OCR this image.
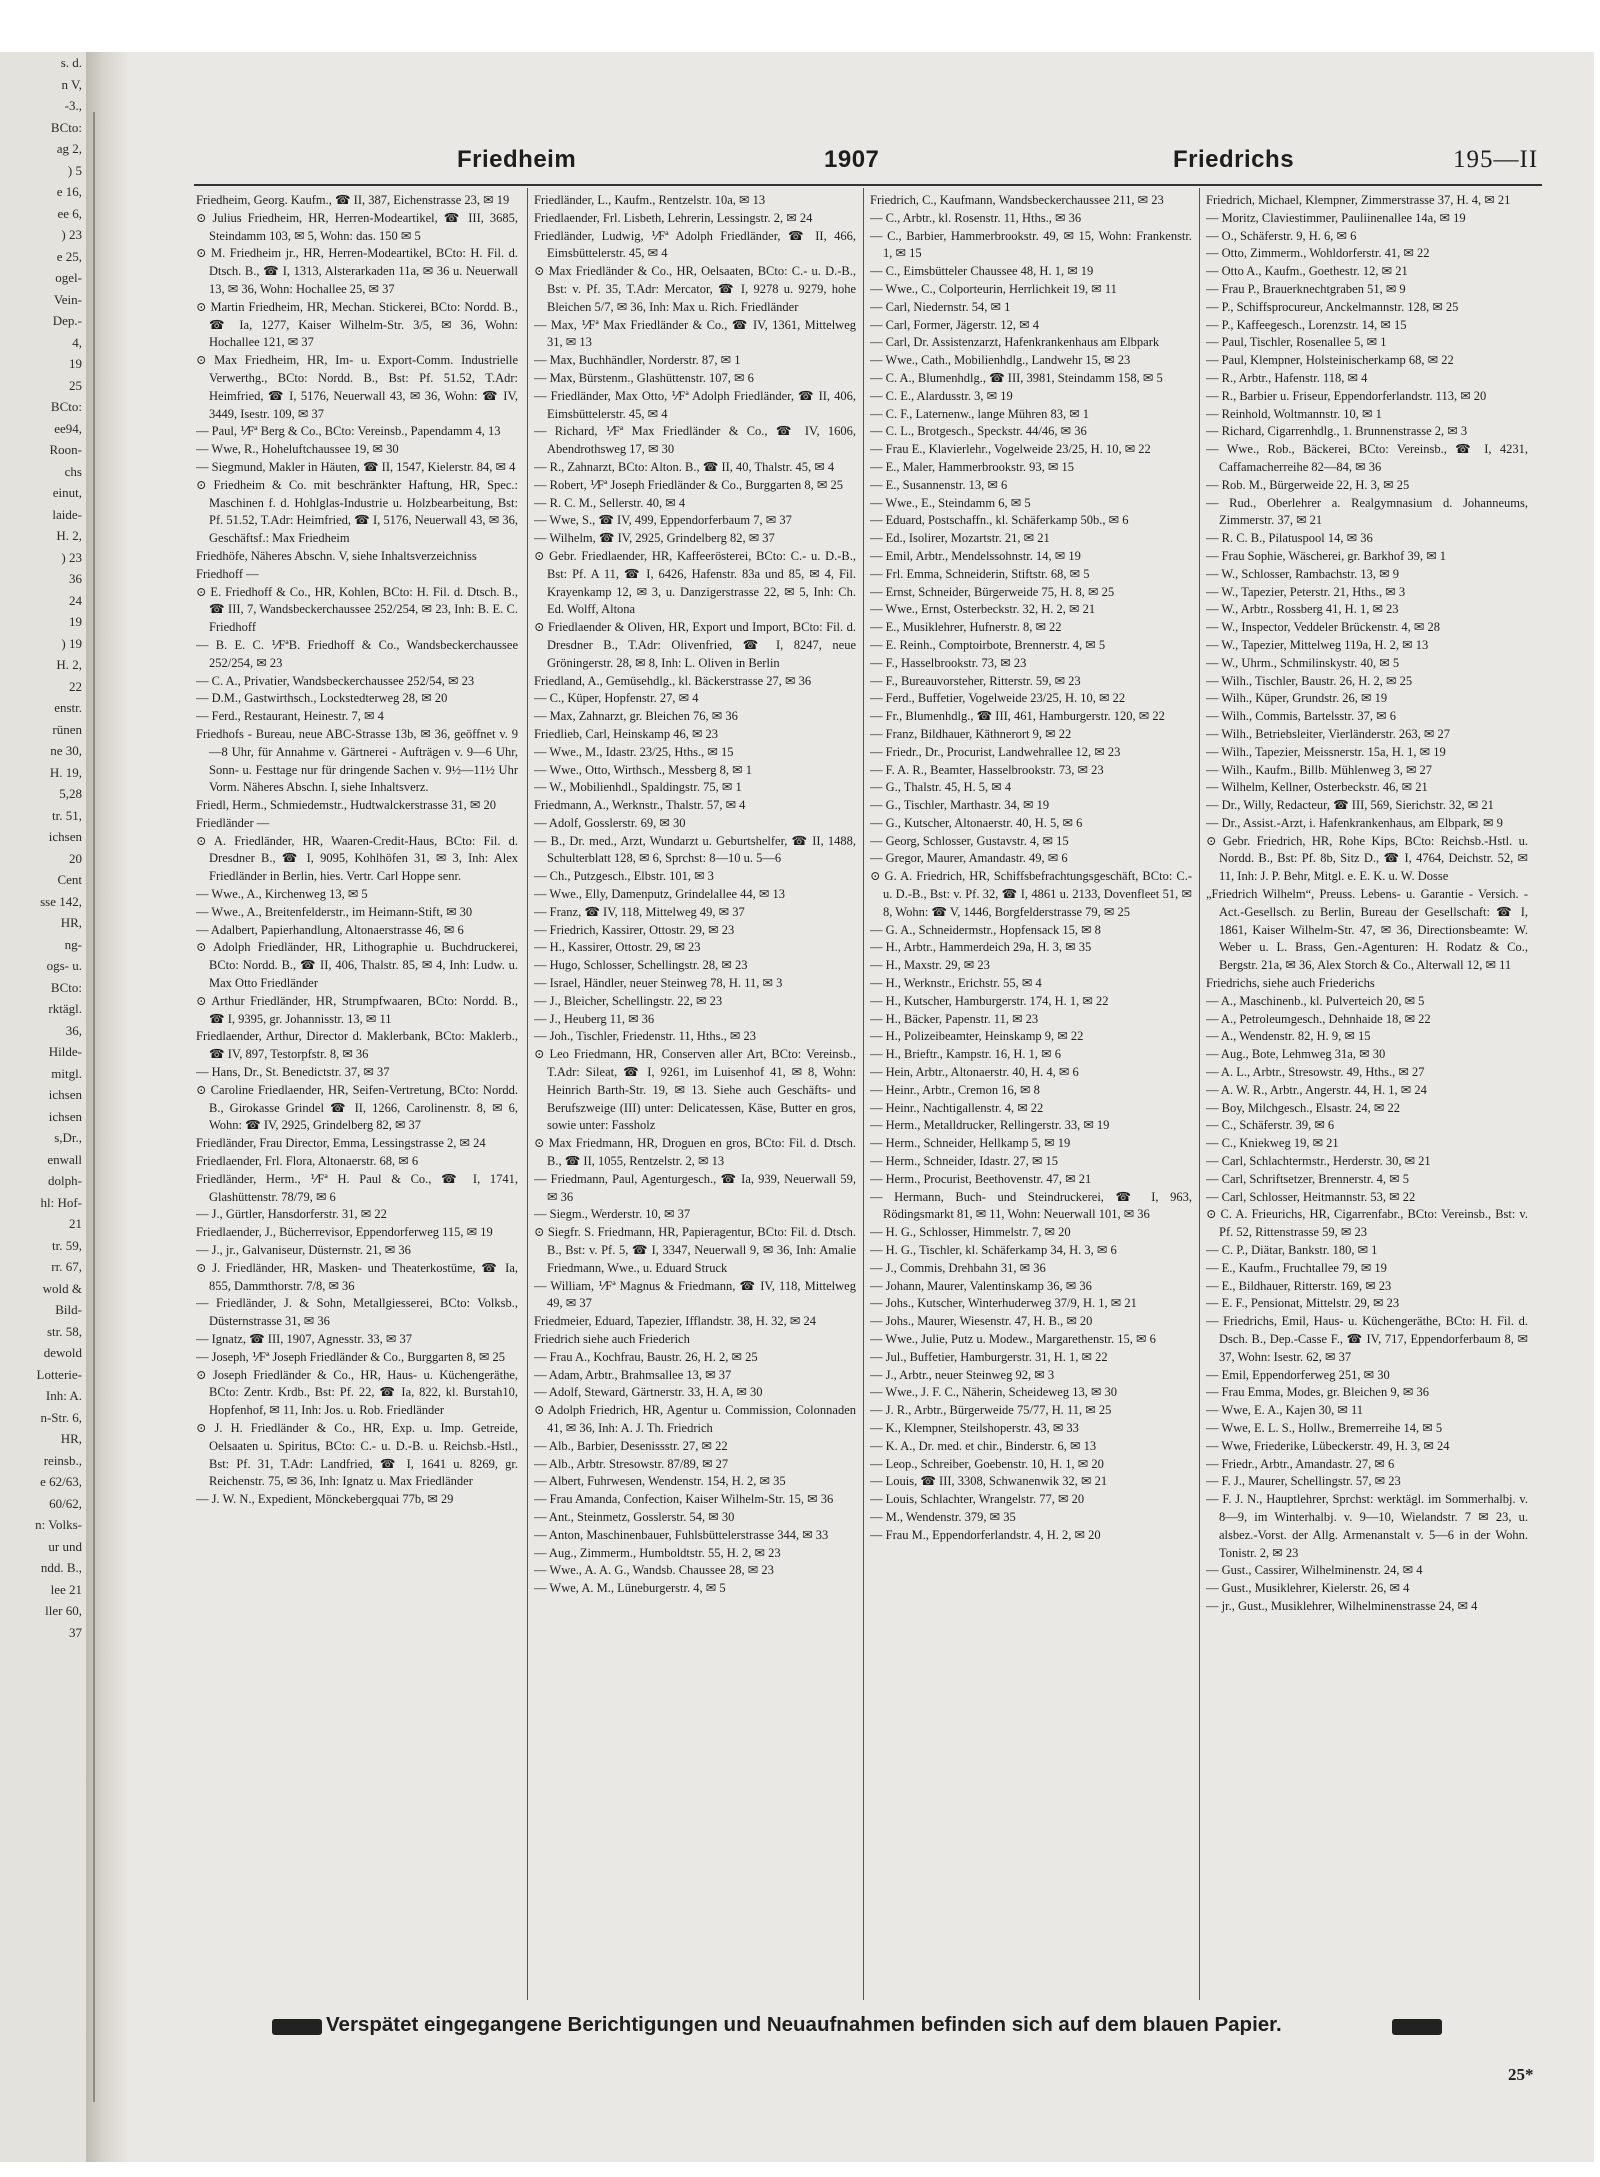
s. d.
n V,
-3.,
BCto:
ag 2,
) 5
e 16,
ee 6,
) 23
e 25,
ogel-
Vein-
Dep.-
4,
19
25
BCto:
ee94,
Roon-
chs
einut,
laide-
H. 2,
) 23
36
24
19
) 19
H. 2,
22
enstr.
rünen
ne 30,
H. 19,
5,28
tr. 51,
ichsen
20
Cent
sse 142,
HR,
ng-
ogs- u.
BCto:
rktägl.
36,
Hilde-
mitgl.
ichsen
ichsen
s,Dr.,
enwall
dolph-
hl: Hof-
21
tr. 59,
rr. 67,
wold &
Bild-
str. 58,
dewold
Lotterie-
Inh: A.
n-Str. 6,
HR,
reinsb.,
e 62/63,
60/62,
n: Volks-
ur und
ndd. B.,
lee 21
ller 60,
37
Friedheim	1907	Friedrichs	195—II

Friedheim, Georg. Kaufm., ☎ II, 387, Eichenstrasse 23, ✉ 19

⊙ Julius Friedheim, HR, Herren-Modeartikel, ☎ III, 3685, Steindamm 103, ✉ 5, Wohn: das. 150 ✉ 5

⊙ M. Friedheim jr., HR, Herren-Modeartikel, BCto: H. Fil. d. Dtsch. B., ☎ I, 1313, Alsterarkaden 11a, ✉ 36 u. Neuerwall 13, ✉ 36, Wohn: Hochallee 25, ✉ 37

⊙ Martin Friedheim, HR, Mechan. Stickerei, BCto: Nordd. B., ☎ Ia, 1277, Kaiser Wilhelm-Str. 3/5, ✉ 36, Wohn: Hochallee 121, ✉ 37

⊙ Max Friedheim, HR, Im- u. Export-Comm. Industrielle Verwerthg., BCto: Nordd. B., Bst: Pf. 51.52, T.Adr: Heimfried, ☎ I, 5176, Neuerwall 43, ✉ 36, Wohn: ☎ IV, 3449, Isestr. 109, ✉ 37

— Paul, ⅟Fª Berg & Co., BCto: Vereinsb., Papendamm 4, 13

— Wwe, R., Hoheluftchaussee 19, ✉ 30

— Siegmund, Makler in Häuten, ☎ II, 1547, Kielerstr. 84, ✉ 4

⊙ Friedheim & Co. mit beschränkter Haftung, HR, Spec.: Maschinen f. d. Hohlglas-Industrie u. Holzbearbeitung, Bst: Pf. 51.52, T.Adr: Heimfried, ☎ I, 5176, Neuerwall 43, ✉ 36, Geschäftsf.: Max Friedheim

Friedhöfe, Näheres Abschn. V, siehe Inhaltsverzeichniss

Friedhoff —

⊙ E. Friedhoff & Co., HR, Kohlen, BCto: H. Fil. d. Dtsch. B., ☎ III, 7, Wandsbeckerchaussee 252/254, ✉ 23, Inh: B. E. C. Friedhoff

— B. E. C. ⅟FªB. Friedhoff & Co., Wandsbeckerchaussee 252/254, ✉ 23

— C. A., Privatier, Wandsbeckerchaussee 252/54, ✉ 23

— D.M., Gastwirthsch., Lockstedterweg 28, ✉ 20

— Ferd., Restaurant, Heinestr. 7, ✉ 4

Friedhofs - Bureau, neue ABC-Strasse 13b, ✉ 36, geöffnet v. 9—8 Uhr, für Annahme v. Gärtnerei - Aufträgen v. 9—6 Uhr, Sonn- u. Festtage nur für dringende Sachen v. 9½—11½ Uhr Vorm. Näheres Abschn. I, siehe Inhaltsverz.

Friedl, Herm., Schmiedemstr., Hudtwalckerstrasse 31, ✉ 20

Friedländer —

⊙ A. Friedländer, HR, Waaren-Credit-Haus, BCto: Fil. d. Dresdner B., ☎ I, 9095, Kohlhöfen 31, ✉ 3, Inh: Alex Friedländer in Berlin, hies. Vertr. Carl Hoppe senr.

— Wwe., A., Kirchenweg 13, ✉ 5

— Wwe., A., Breitenfelderstr., im Heimann-Stift, ✉ 30

— Adalbert, Papierhandlung, Altonaerstrasse 46, ✉ 6

⊙ Adolph Friedländer, HR, Lithographie u. Buchdruckerei, BCto: Nordd. B., ☎ II, 406, Thalstr. 85, ✉ 4, Inh: Ludw. u. Max Otto Friedländer

⊙ Arthur Friedländer, HR, Strumpfwaaren, BCto: Nordd. B., ☎ I, 9395, gr. Johannisstr. 13, ✉ 11

Friedlaender, Arthur, Director d. Maklerbank, BCto: Maklerb., ☎ IV, 897, Testorpfstr. 8, ✉ 36

— Hans, Dr., St. Benedictstr. 37, ✉ 37

⊙ Caroline Friedlaender, HR, Seifen-Vertretung, BCto: Nordd. B., Girokasse Grindel ☎ II, 1266, Carolinenstr. 8, ✉ 6, Wohn: ☎ IV, 2925, Grindelberg 82, ✉ 37

Friedländer, Frau Director, Emma, Lessingstrasse 2, ✉ 24

Friedlaender, Frl. Flora, Altonaerstr. 68, ✉ 6

Friedländer, Herm., ⅟Fª H. Paul & Co., ☎ I, 1741, Glashüttenstr. 78/79, ✉ 6

— J., Gürtler, Hansdorferstr. 31, ✉ 22

Friedlaender, J., Bücherrevisor, Eppendorferweg 115, ✉ 19

— J., jr., Galvaniseur, Düsternstr. 21, ✉ 36

⊙ J. Friedländer, HR, Masken- und Theaterkostüme, ☎ Ia, 855, Dammthorstr. 7/8, ✉ 36

— Friedländer, J. & Sohn, Metallgiesserei, BCto: Volksb., Düsternstrasse 31, ✉ 36

— Ignatz, ☎ III, 1907, Agnesstr. 33, ✉ 37

— Joseph, ⅟Fª Joseph Friedländer & Co., Burggarten 8, ✉ 25

⊙ Joseph Friedländer & Co., HR, Haus- u. Küchengeräthe, BCto: Zentr. Krdb., Bst: Pf. 22, ☎ Ia, 822, kl. Burstah10, Hopfenhof, ✉ 11, Inh: Jos. u. Rob. Friedländer

⊙ J. H. Friedländer & Co., HR, Exp. u. Imp. Getreide, Oelsaaten u. Spiritus, BCto: C.- u. D.-B. u. Reichsb.-Hstl., Bst: Pf. 31, T.Adr: Landfried, ☎ I, 1641 u. 8269, gr. Reichenstr. 75, ✉ 36, Inh: Ignatz u. Max Friedländer

— J. W. N., Expedient, Mönckebergquai 77b, ✉ 29

Friedländer, L., Kaufm., Rentzelstr. 10a, ✉ 13

Friedlaender, Frl. Lisbeth, Lehrerin, Lessingstr. 2, ✉ 24

Friedländer, Ludwig, ⅟Fª Adolph Friedländer, ☎ II, 466, Eimsbüttelerstr. 45, ✉ 4

⊙ Max Friedländer & Co., HR, Oelsaaten, BCto: C.- u. D.-B., Bst: v. Pf. 35, T.Adr: Mercator, ☎ I, 9278 u. 9279, hohe Bleichen 5/7, ✉ 36, Inh: Max u. Rich. Friedländer

— Max, ⅟Fª Max Friedländer & Co., ☎ IV, 1361, Mittelweg 31, ✉ 13

— Max, Buchhändler, Norderstr. 87, ✉ 1

— Max, Bürstenm., Glashüttenstr. 107, ✉ 6

— Friedländer, Max Otto, ⅟Fª Adolph Friedländer, ☎ II, 406, Eimsbüttelerstr. 45, ✉ 4

— Richard, ⅟Fª Max Friedländer & Co., ☎ IV, 1606, Abendrothsweg 17, ✉ 30

— R., Zahnarzt, BCto: Alton. B., ☎ II, 40, Thalstr. 45, ✉ 4

— Robert, ⅟Fª Joseph Friedländer & Co., Burggarten 8, ✉ 25

— R. C. M., Sellerstr. 40, ✉ 4

— Wwe, S., ☎ IV, 499, Eppendorferbaum 7, ✉ 37

— Wilhelm, ☎ IV, 2925, Grindelberg 82, ✉ 37

⊙ Gebr. Friedlaender, HR, Kaffeerösterei, BCto: C.- u. D.-B., Bst: Pf. A 11, ☎ I, 6426, Hafenstr. 83a und 85, ✉ 4, Fil. Krayenkamp 12, ✉ 3, u. Danzigerstrasse 22, ✉ 5, Inh: Ch. Ed. Wolff, Altona

⊙ Friedlaender & Oliven, HR, Export und Import, BCto: Fil. d. Dresdner B., T.Adr: Olivenfried, ☎ I, 8247, neue Gröningerstr. 28, ✉ 8, Inh: L. Oliven in Berlin

Friedland, A., Gemüsehdlg., kl. Bäckerstrasse 27, ✉ 36

— C., Küper, Hopfenstr. 27, ✉ 4

— Max, Zahnarzt, gr. Bleichen 76, ✉ 36

Friedlieb, Carl, Heinskamp 46, ✉ 23

— Wwe., M., Idastr. 23/25, Hths., ✉ 15

— Wwe., Otto, Wirthsch., Messberg 8, ✉ 1

— W., Mobilienhdl., Spaldingstr. 75, ✉ 1

Friedmann, A., Werknstr., Thalstr. 57, ✉ 4

— Adolf, Gosslerstr. 69, ✉ 30

— B., Dr. med., Arzt, Wundarzt u. Geburtshelfer, ☎ II, 1488, Schulterblatt 128, ✉ 6, Sprchst: 8—10 u. 5—6

— Ch., Putzgesch., Elbstr. 101, ✉ 3

— Wwe., Elly, Damenputz, Grindelallee 44, ✉ 13

— Franz, ☎ IV, 118, Mittelweg 49, ✉ 37

— Friedrich, Kassirer, Ottostr. 29, ✉ 23

— H., Kassirer, Ottostr. 29, ✉ 23

— Hugo, Schlosser, Schellingstr. 28, ✉ 23

— Israel, Händler, neuer Steinweg 78, H. 11, ✉ 3

— J., Bleicher, Schellingstr. 22, ✉ 23

— J., Heuberg 11, ✉ 36

— Joh., Tischler, Friedenstr. 11, Hths., ✉ 23

⊙ Leo Friedmann, HR, Conserven aller Art, BCto: Vereinsb., T.Adr: Sileat, ☎ I, 9261, im Luisenhof 41, ✉ 8, Wohn: Heinrich Barth-Str. 19, ✉ 13. Siehe auch Geschäfts- und Berufszweige (III) unter: Delicatessen, Käse, Butter en gros, sowie unter: Fassholz

⊙ Max Friedmann, HR, Droguen en gros, BCto: Fil. d. Dtsch. B., ☎ II, 1055, Rentzelstr. 2, ✉ 13

— Friedmann, Paul, Agenturgesch., ☎ Ia, 939, Neuerwall 59, ✉ 36

— Siegm., Werderstr. 10, ✉ 37

⊙ Siegfr. S. Friedmann, HR, Papieragentur, BCto: Fil. d. Dtsch. B., Bst: v. Pf. 5, ☎ I, 3347, Neuerwall 9, ✉ 36, Inh: Amalie Friedmann, Wwe., u. Eduard Struck

— William, ⅟Fª Magnus & Friedmann, ☎ IV, 118, Mittelweg 49, ✉ 37

Friedmeier, Eduard, Tapezier, Ifflandstr. 38, H. 32, ✉ 24

Friedrich siehe auch Friederich

— Frau A., Kochfrau, Baustr. 26, H. 2, ✉ 25

— Adam, Arbtr., Brahmsallee 13, ✉ 37

— Adolf, Steward, Gärtnerstr. 33, H. A, ✉ 30

⊙ Adolph Friedrich, HR, Agentur u. Commission, Colonnaden 41, ✉ 36, Inh: A. J. Th. Friedrich

— Alb., Barbier, Desenissstr. 27, ✉ 22

— Alb., Arbtr. Stresowstr. 87/89, ✉ 27

— Albert, Fuhrwesen, Wendenstr. 154, H. 2, ✉ 35

— Frau Amanda, Confection, Kaiser Wilhelm-Str. 15, ✉ 36

— Ant., Steinmetz, Gosslerstr. 54, ✉ 30

— Anton, Maschinenbauer, Fuhlsbüttelerstrasse 344, ✉ 33

— Aug., Zimmerm., Humboldtstr. 55, H. 2, ✉ 23

— Wwe., A. A. G., Wandsb. Chaussee 28, ✉ 23

— Wwe, A. M., Lüneburgerstr. 4, ✉ 5

Friedrich, C., Kaufmann, Wandsbeckerchaussee 211, ✉ 23

— C., Arbtr., kl. Rosenstr. 11, Hths., ✉ 36

— C., Barbier, Hammerbrookstr. 49, ✉ 15, Wohn: Frankenstr. 1, ✉ 15

— C., Eimsbütteler Chaussee 48, H. 1, ✉ 19

— Wwe., C., Colporteurin, Herrlichkeit 19, ✉ 11

— Carl, Niedernstr. 54, ✉ 1

— Carl, Former, Jägerstr. 12, ✉ 4

— Carl, Dr. Assistenzarzt, Hafenkrankenhaus am Elbpark

— Wwe., Cath., Mobilienhdlg., Landwehr 15, ✉ 23

— C. A., Blumenhdlg., ☎ III, 3981, Steindamm 158, ✉ 5

— C. E., Alardusstr. 3, ✉ 19

— C. F., Laternenw., lange Mühren 83, ✉ 1

— C. L., Brotgesch., Speckstr. 44/46, ✉ 36

— Frau E., Klavierlehr., Vogelweide 23/25, H. 10, ✉ 22

— E., Maler, Hammerbrookstr. 93, ✉ 15

— E., Susannenstr. 13, ✉ 6

— Wwe., E., Steindamm 6, ✉ 5

— Eduard, Postschaffn., kl. Schäferkamp 50b., ✉ 6

— Ed., Isolirer, Mozartstr. 21, ✉ 21

— Emil, Arbtr., Mendelssohnstr. 14, ✉ 19

— Frl. Emma, Schneiderin, Stiftstr. 68, ✉ 5

— Ernst, Schneider, Bürgerweide 75, H. 8, ✉ 25

— Wwe., Ernst, Osterbeckstr. 32, H. 2, ✉ 21

— E., Musiklehrer, Hufnerstr. 8, ✉ 22

— E. Reinh., Comptoirbote, Brennerstr. 4, ✉ 5

— F., Hasselbrookstr. 73, ✉ 23

— F., Bureauvorsteher, Ritterstr. 59, ✉ 23

— Ferd., Buffetier, Vogelweide 23/25, H. 10, ✉ 22

— Fr., Blumenhdlg., ☎ III, 461, Hamburgerstr. 120, ✉ 22

— Franz, Bildhauer, Käthnerort 9, ✉ 22

— Friedr., Dr., Procurist, Landwehrallee 12, ✉ 23

— F. A. R., Beamter, Hasselbrookstr. 73, ✉ 23

— G., Thalstr. 45, H. 5, ✉ 4

— G., Tischler, Marthastr. 34, ✉ 19

— G., Kutscher, Altonaerstr. 40, H. 5, ✉ 6

— Georg, Schlosser, Gustavstr. 4, ✉ 15

— Gregor, Maurer, Amandastr. 49, ✉ 6

⊙ G. A. Friedrich, HR, Schiffsbefrachtungsgeschäft, BCto: C.- u. D.-B., Bst: v. Pf. 32, ☎ I, 4861 u. 2133, Dovenfleet 51, ✉ 8, Wohn: ☎ V, 1446, Borgfelderstrasse 79, ✉ 25

— G. A., Schneidermstr., Hopfensack 15, ✉ 8

— H., Arbtr., Hammerdeich 29a, H. 3, ✉ 35

— H., Maxstr. 29, ✉ 23

— H., Werknstr., Erichstr. 55, ✉ 4

— H., Kutscher, Hamburgerstr. 174, H. 1, ✉ 22

— H., Bäcker, Papenstr. 11, ✉ 23

— H., Polizeibeamter, Heinskamp 9, ✉ 22

— H., Brieftr., Kampstr. 16, H. 1, ✉ 6

— Hein, Arbtr., Altonaerstr. 40, H. 4, ✉ 6

— Heinr., Arbtr., Cremon 16, ✉ 8

— Heinr., Nachtigallenstr. 4, ✉ 22

— Herm., Metalldrucker, Rellingerstr. 33, ✉ 19

— Herm., Schneider, Hellkamp 5, ✉ 19

— Herm., Schneider, Idastr. 27, ✉ 15

— Herm., Procurist, Beethovenstr. 47, ✉ 21

— Hermann, Buch- und Steindruckerei, ☎ I, 963, Rödingsmarkt 81, ✉ 11, Wohn: Neuerwall 101, ✉ 36

— H. G., Schlosser, Himmelstr. 7, ✉ 20

— H. G., Tischler, kl. Schäferkamp 34, H. 3, ✉ 6

— J., Commis, Drehbahn 31, ✉ 36

— Johann, Maurer, Valentinskamp 36, ✉ 36

— Johs., Kutscher, Winterhuderweg 37/9, H. 1, ✉ 21

— Johs., Maurer, Wiesenstr. 47, H. B., ✉ 20

— Wwe., Julie, Putz u. Modew., Margarethenstr. 15, ✉ 6

— Jul., Buffetier, Hamburgerstr. 31, H. 1, ✉ 22

— J., Arbtr., neuer Steinweg 92, ✉ 3

— Wwe., J. F. C., Näherin, Scheideweg 13, ✉ 30

— J. R., Arbtr., Bürgerweide 75/77, H. 11, ✉ 25

— K., Klempner, Steilshoperstr. 43, ✉ 33

— K. A., Dr. med. et chir., Binderstr. 6, ✉ 13

— Leop., Schreiber, Goebenstr. 10, H. 1, ✉ 20

— Louis, ☎ III, 3308, Schwanenwik 32, ✉ 21

— Louis, Schlachter, Wrangelstr. 77, ✉ 20

— M., Wendenstr. 379, ✉ 35

— Frau M., Eppendorferlandstr. 4, H. 2, ✉ 20

Friedrich, Michael, Klempner, Zimmerstrasse 37, H. 4, ✉ 21

— Moritz, Claviestimmer, Pauliinenallee 14a, ✉ 19

— O., Schäferstr. 9, H. 6, ✉ 6

— Otto, Zimmerm., Wohldorferstr. 41, ✉ 22

— Otto A., Kaufm., Goethestr. 12, ✉ 21

— Frau P., Brauerknechtgraben 51, ✉ 9

— P., Schiffsprocureur, Anckelmannstr. 128, ✉ 25

— P., Kaffeegesch., Lorenzstr. 14, ✉ 15

— Paul, Tischler, Rosenallee 5, ✉ 1

— Paul, Klempner, Holsteinischerkamp 68, ✉ 22

— R., Arbtr., Hafenstr. 118, ✉ 4

— R., Barbier u. Friseur, Eppendorferlandstr. 113, ✉ 20

— Reinhold, Woltmannstr. 10, ✉ 1

— Richard, Cigarrenhdlg., 1. Brunnenstrasse 2, ✉ 3

— Wwe., Rob., Bäckerei, BCto: Vereinsb., ☎ I, 4231, Caffamacherreihe 82—84, ✉ 36

— Rob. M., Bürgerweide 22, H. 3, ✉ 25

— Rud., Oberlehrer a. Realgymnasium d. Johanneums, Zimmerstr. 37, ✉ 21

— R. C. B., Pilatuspool 14, ✉ 36

— Frau Sophie, Wäscherei, gr. Barkhof 39, ✉ 1

— W., Schlosser, Rambachstr. 13, ✉ 9

— W., Tapezier, Peterstr. 21, Hths., ✉ 3

— W., Arbtr., Rossberg 41, H. 1, ✉ 23

— W., Inspector, Veddeler Brückenstr. 4, ✉ 28

— W., Tapezier, Mittelweg 119a, H. 2, ✉ 13

— W., Uhrm., Schmilinskystr. 40, ✉ 5

— Wilh., Tischler, Baustr. 26, H. 2, ✉ 25

— Wilh., Küper, Grundstr. 26, ✉ 19

— Wilh., Commis, Bartelsstr. 37, ✉ 6

— Wilh., Betriebsleiter, Vierländerstr. 263, ✉ 27

— Wilh., Tapezier, Meissnerstr. 15a, H. 1, ✉ 19

— Wilh., Kaufm., Billb. Mühlenweg 3, ✉ 27

— Wilhelm, Kellner, Osterbeckstr. 46, ✉ 21

— Dr., Willy, Redacteur, ☎ III, 569, Sierichstr. 32, ✉ 21

— Dr., Assist.-Arzt, i. Hafenkrankenhaus, am Elbpark, ✉ 9

⊙ Gebr. Friedrich, HR, Rohe Kips, BCto: Reichsb.-Hstl. u. Nordd. B., Bst: Pf. 8b, Sitz D., ☎ I, 4764, Deichstr. 52, ✉ 11, Inh: J. P. Behr, Mitgl. e. E. K. u. W. Dosse

„Friedrich Wilhelm“, Preuss. Lebens- u. Garantie - Versich. - Act.-Gesellsch. zu Berlin, Bureau der Gesellschaft: ☎ I, 1861, Kaiser Wilhelm-Str. 47, ✉ 36, Directionsbeamte: W. Weber u. L. Brass, Gen.-Agenturen: H. Rodatz & Co., Bergstr. 21a, ✉ 36, Alex Storch & Co., Alterwall 12, ✉ 11

Friedrichs, siehe auch Friederichs

— A., Maschinenb., kl. Pulverteich 20, ✉ 5

— A., Petroleumgesch., Dehnhaide 18, ✉ 22

— A., Wendenstr. 82, H. 9, ✉ 15

— Aug., Bote, Lehmweg 31a, ✉ 30

— A. L., Arbtr., Stresowstr. 49, Hths., ✉ 27

— A. W. R., Arbtr., Angerstr. 44, H. 1, ✉ 24

— Boy, Milchgesch., Elsastr. 24, ✉ 22

— C., Schäferstr. 39, ✉ 6

— C., Kniekweg 19, ✉ 21

— Carl, Schlachtermstr., Herderstr. 30, ✉ 21

— Carl, Schriftsetzer, Brennerstr. 4, ✉ 5

— Carl, Schlosser, Heitmannstr. 53, ✉ 22

⊙ C. A. Frieurichs, HR, Cigarrenfabr., BCto: Vereinsb., Bst: v. Pf. 52, Rittenstrasse 59, ✉ 23

— C. P., Diätar, Bankstr. 180, ✉ 1

— E., Kaufm., Fruchtallee 79, ✉ 19

— E., Bildhauer, Ritterstr. 169, ✉ 23

— E. F., Pensionat, Mittelstr. 29, ✉ 23

— Friedrichs, Emil, Haus- u. Küchengeräthe, BCto: H. Fil. d. Dsch. B., Dep.-Casse F., ☎ IV, 717, Eppendorferbaum 8, ✉ 37, Wohn: Isestr. 62, ✉ 37

— Emil, Eppendorferweg 251, ✉ 30

— Frau Emma, Modes, gr. Bleichen 9, ✉ 36

— Wwe, E. A., Kajen 30, ✉ 11

— Wwe, E. L. S., Hollw., Bremerreihe 14, ✉ 5

— Wwe, Friederike, Lübeckerstr. 49, H. 3, ✉ 24

— Friedr., Arbtr., Amandastr. 27, ✉ 6

— F. J., Maurer, Schellingstr. 57, ✉ 23

— F. J. N., Hauptlehrer, Sprchst: werktägl. im Sommerhalbj. v. 8—9, im Winterhalbj. v. 9—10, Wielandstr. 7 ✉ 23, u. alsbez.-Vorst. der Allg. Armenanstalt v. 5—6 in der Wohn. Tonistr. 2, ✉ 23

— Gust., Cassirer, Wilhelminenstr. 24, ✉ 4

— Gust., Musiklehrer, Kielerstr. 26, ✉ 4

— jr., Gust., Musiklehrer, Wilhelminenstrasse 24, ✉ 4

Verspätet eingegangene Berichtigungen und Neuaufnahmen befinden sich auf dem blauen Papier.
25*
